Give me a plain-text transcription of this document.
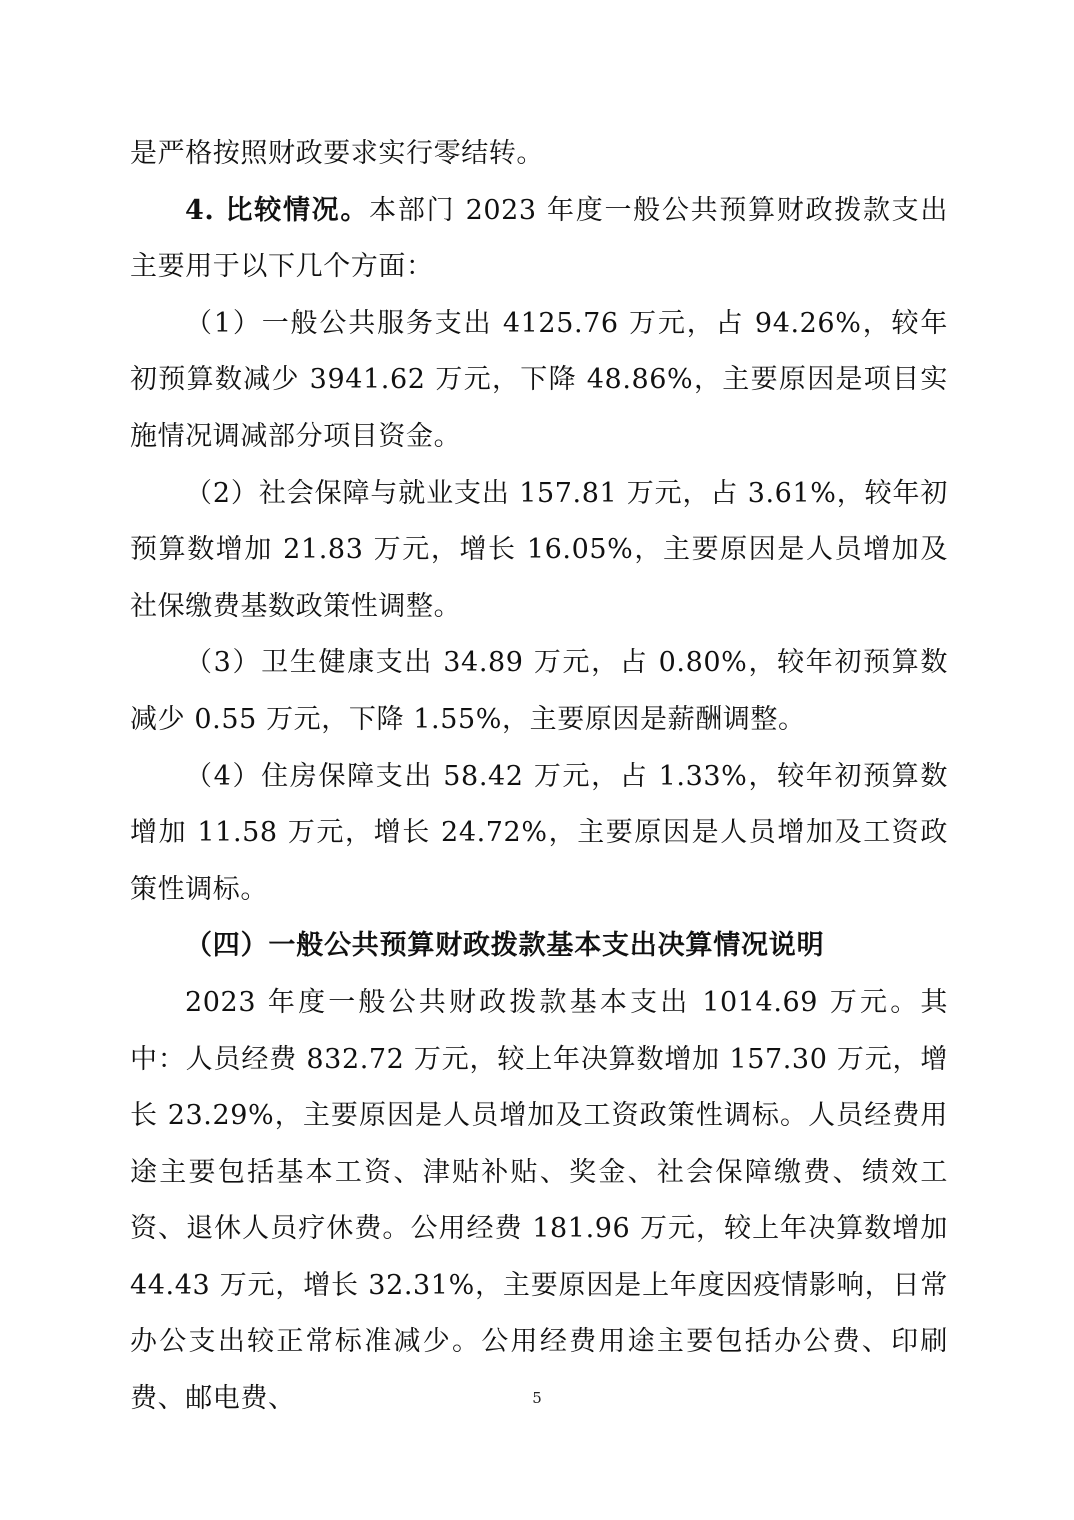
是严格按照财政要求实行零结转。

4. 比较情况。本部门 2023 年度一般公共预算财政拨款支出主要用于以下几个方面：

（1）一般公共服务支出 4125.76 万元，占 94.26%，较年初预算数减少 3941.62 万元，下降 48.86%，主要原因是项目实施情况调减部分项目资金。

（2）社会保障与就业支出 157.81 万元，占 3.61%，较年初预算数增加 21.83 万元，增长 16.05%，主要原因是人员增加及社保缴费基数政策性调整。

（3）卫生健康支出 34.89 万元，占 0.80%，较年初预算数减少 0.55 万元，下降 1.55%，主要原因是薪酬调整。

（4）住房保障支出 58.42 万元，占 1.33%，较年初预算数增加 11.58 万元，增长 24.72%，主要原因是人员增加及工资政策性调标。

（四）一般公共预算财政拨款基本支出决算情况说明

2023 年度一般公共财政拨款基本支出 1014.69 万元。其中：人员经费 832.72 万元，较上年决算数增加 157.30 万元，增长 23.29%，主要原因是人员增加及工资政策性调标。人员经费用途主要包括基本工资、津贴补贴、奖金、社会保障缴费、绩效工资、退休人员疗休费。公用经费 181.96 万元，较上年决算数增加 44.43 万元，增长 32.31%，主要原因是上年度因疫情影响，日常办公支出较正常标准减少。公用经费用途主要包括办公费、印刷费、邮电费、	5
